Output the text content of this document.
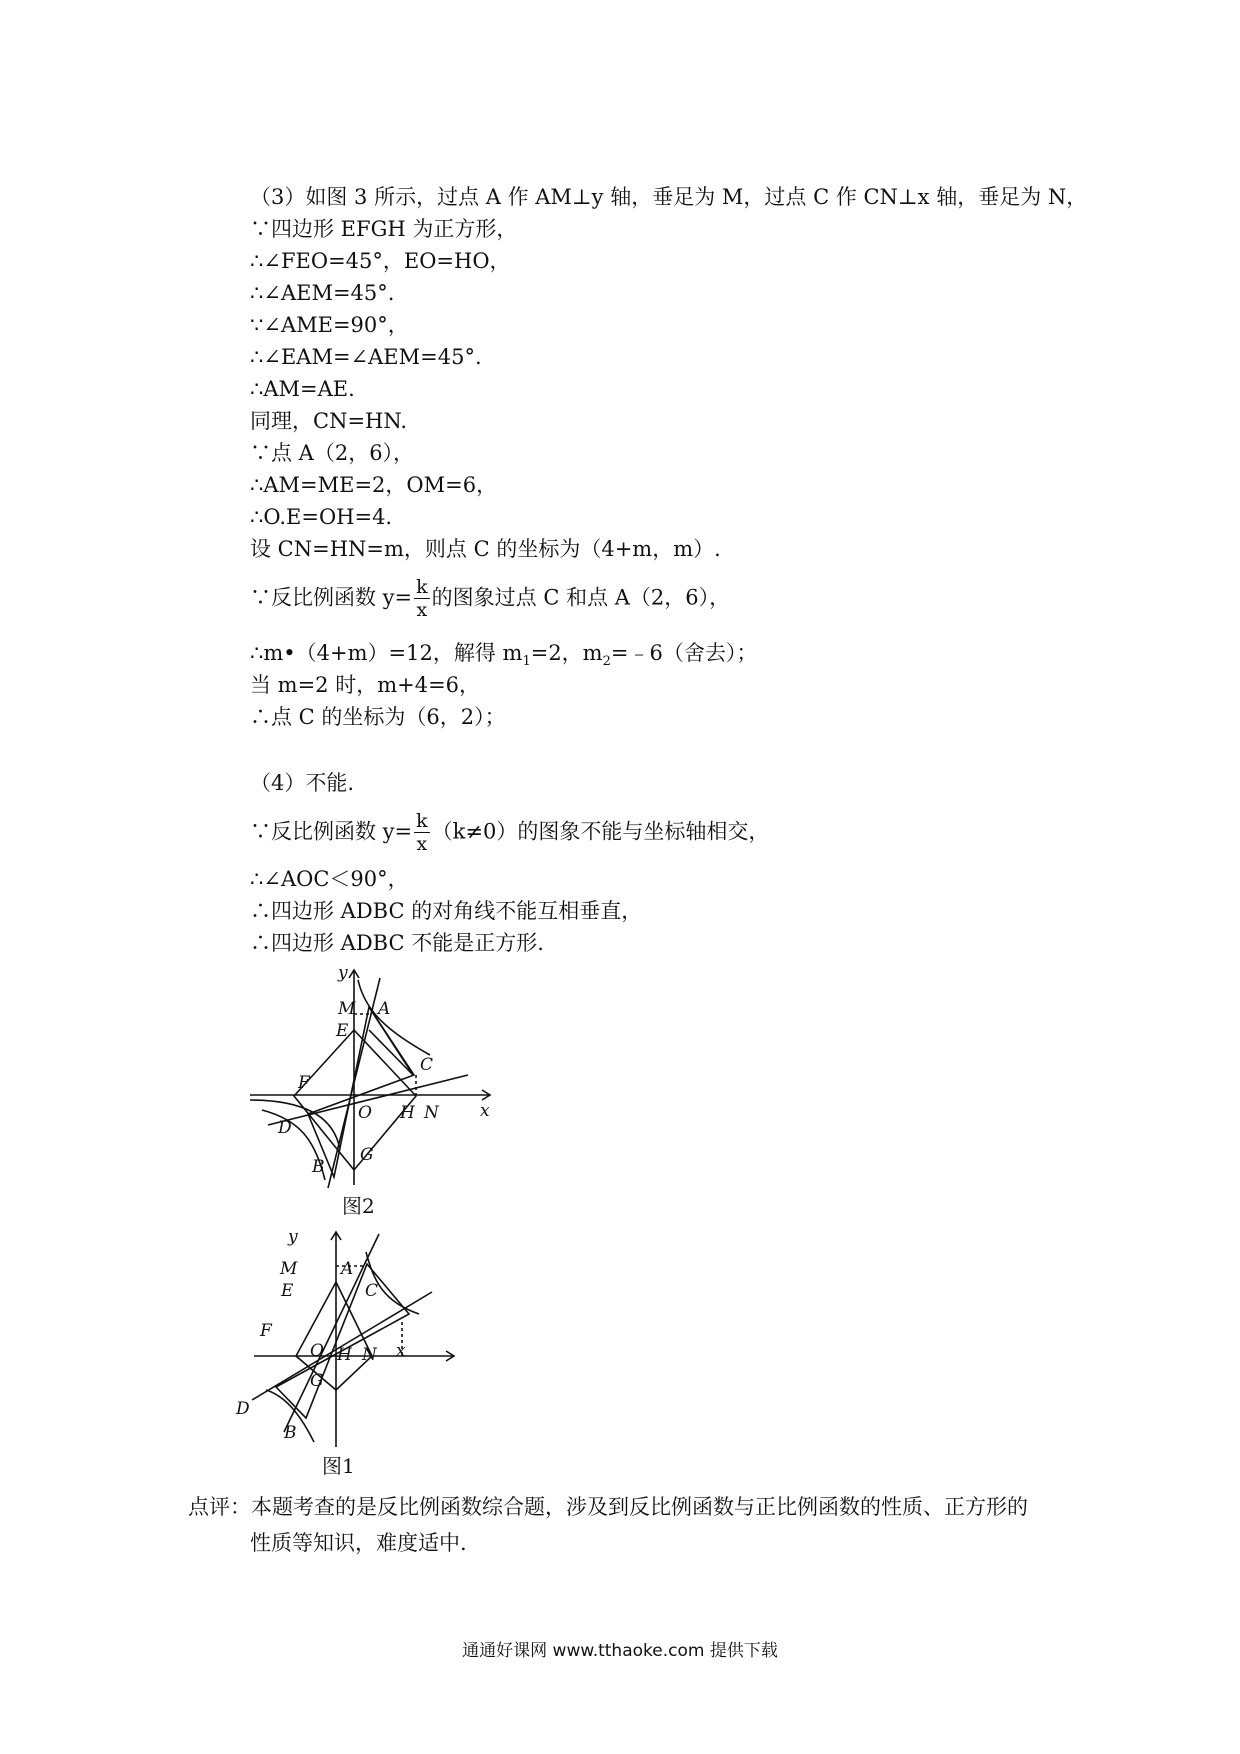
（3）如图 3 所示，过点 A 作 AM⊥y 轴，垂足为 M，过点 C 作 CN⊥x 轴，垂足为 N，
∵四边形 EFGH 为正方形，
∴∠FEO=45°，EO=HO，
∴∠AEM=45°.
∵∠AME=90°，
∴∠EAM=∠AEM=45°.
∴AM=AE.
同理，CN=HN.
∵点 A（2，6），
∴AM=ME=2，OM=6，
∴O.E=OH=4.
设 CN=HN=m，则点 C 的坐标为（4+m，m）.
∵反比例函数 $y= \frac{k}{x}$ 的图象过点 C 和点 A（2，6），
∴m•（4+m）=12，解得 $m_1=2$，$m_2=﹣6$（舍去）；
当 m=2 时，m+4=6，
∴点 C 的坐标为（6，2）；
（4）不能.
∵反比例函数 $y= \frac{k}{x} (k\ne 0)$的图象不能与坐标轴相交，
∴∠AOC＜90°，
∴四边形 ADBC 的对角线不能互相垂直，
∴四边形 ADBC 不能是正方形.
y
x
M A
E
C
F
O H N
D
G
B
图2
y
x
M	A
E	C
F
O H N
D
G
B
图1
点评：本题考查的是反比例函数综合题，涉及到反比例函数与正比例函数的性质、正方形的
性质等知识，难度适中.
通通好课网 www.tthaoke.com 提供下载
